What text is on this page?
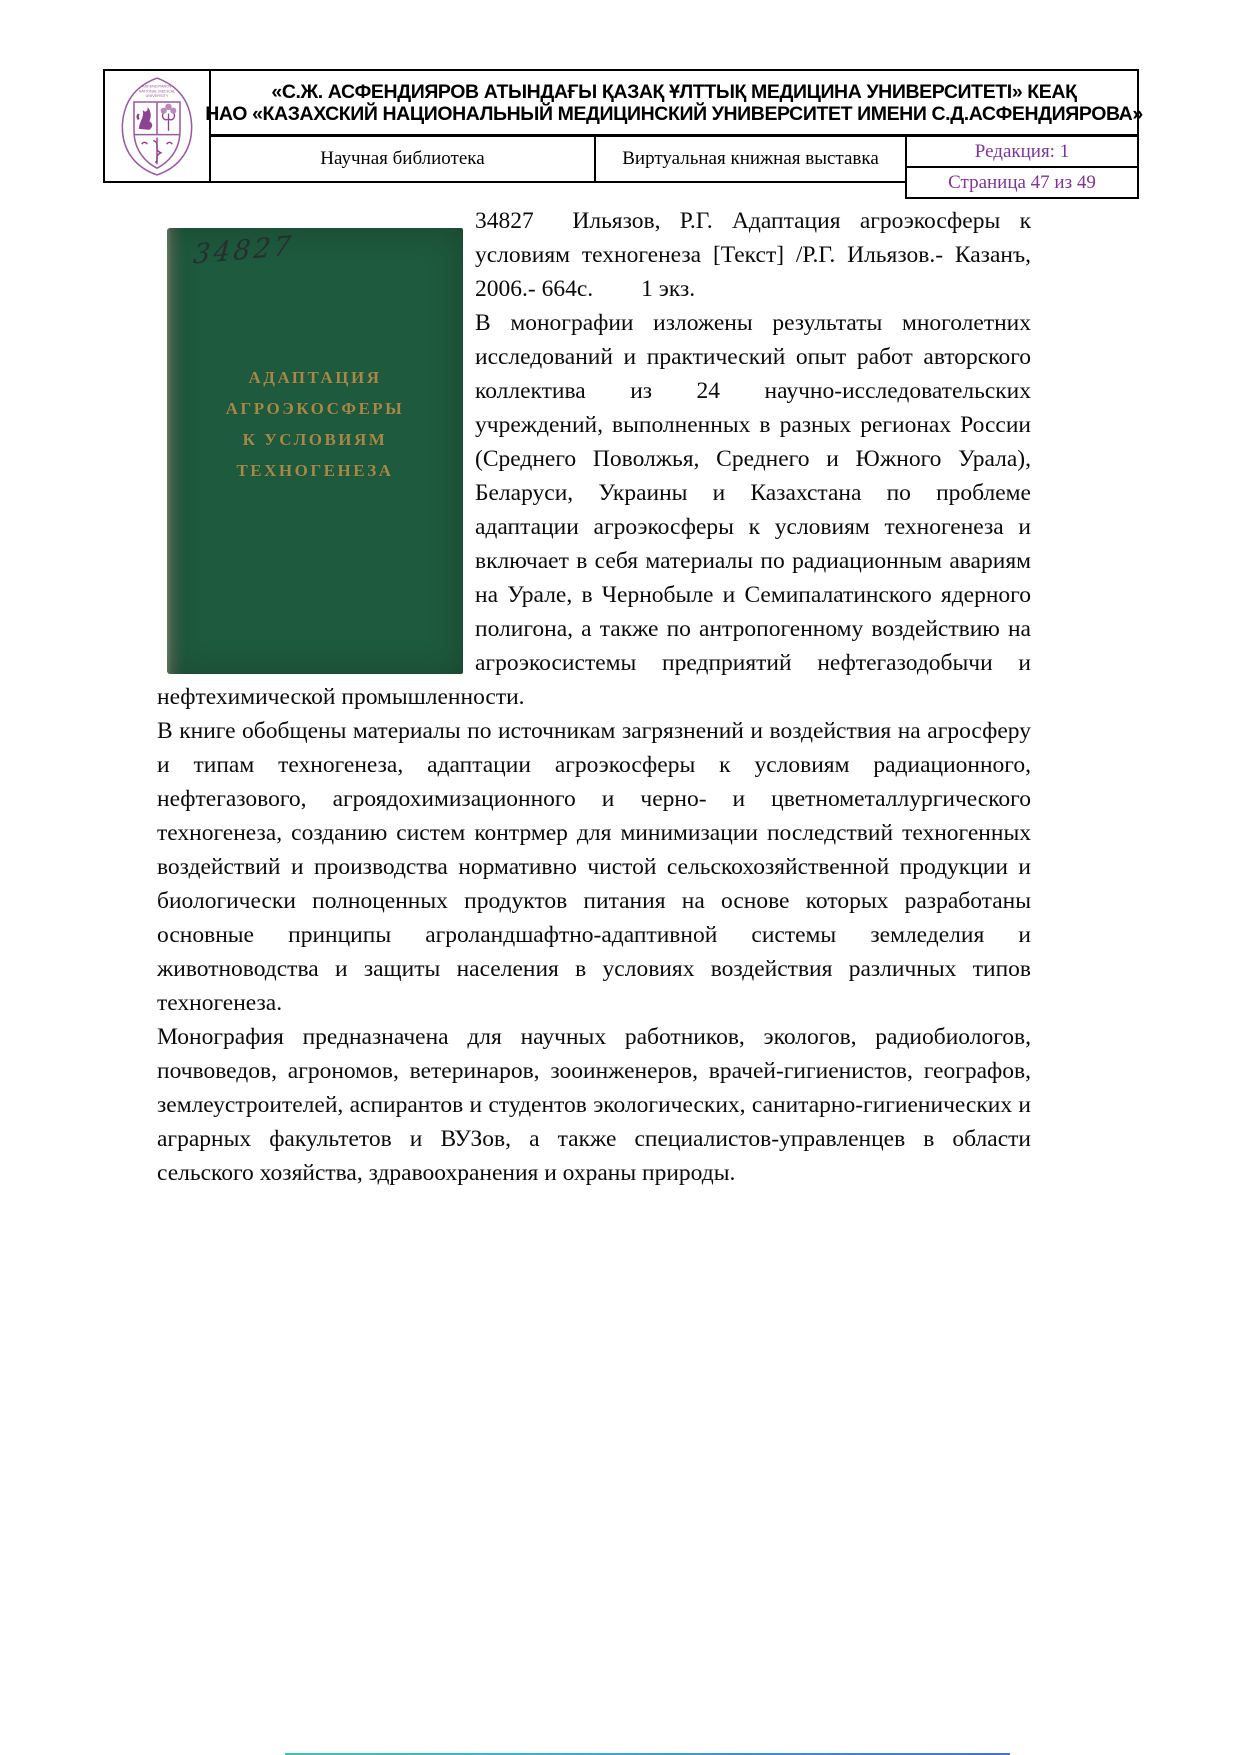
ASFENDIYAROV
NATIONAL MEDICAL
UNIVERSITY	«С.Ж. АСФЕНДИЯРОВ АТЫНДАҒЫ ҚАЗАҚ ҰЛТТЫҚ МЕДИЦИНА УНИВЕРСИТЕТІ» КЕАҚ
НАО «КАЗАХСКИЙ НАЦИОНАЛЬНЫЙ МЕДИЦИНСКИЙ УНИВЕРСИТЕТ ИМЕНИ С.Д.АСФЕНДИЯРОВА»
Научная библиотека	Виртуальная книжная выставка	Редакция: 1
Страница 47 из 49
34827
АДАПТАЦИЯ
АГРОЭКОСФЕРЫ
К УСЛОВИЯМ ТЕХНОГЕНЕЗА

34827  Ильязов, Р.Г. Адаптация агроэкосферы к условиям техногенеза [Текст] /Р.Г. Ильязов.- Казанъ, 2006.- 664с. 1 экз.

В монографии изложены результаты многолетних исследований и практический опыт работ авторского коллектива из 24 научно-исследовательских учреждений, выполненных в разных регионах России (Среднего Поволжья, Среднего и Южного Урала), Беларуси, Украины и Казахстана по проблеме адаптации агроэкосферы к условиям техногенеза и включает в себя материалы по радиационным авариям на Урале, в Чернобыле и Семипалатинского ядерного полигона, а также по антропогенному воздействию на агроэкосистемы предприятий нефтегазодобычи и нефтехимической промышленности.

В книге обобщены материалы по источникам загрязнений и воздействия на агросферу и типам техногенеза, адаптации агроэкосферы к условиям радиационного, нефтегазового, агроядохимизационного и черно- и цветнометаллургического техногенеза, созданию систем контрмер для минимизации последствий техногенных воздействий и производства нормативно чистой сельскохозяйственной продукции и биологически полноценных продуктов питания на основе которых разработаны основные принципы агроландшафтно-адаптивной системы земледелия и животноводства и защиты населения в условиях воздействия различных типов техногенеза.

Монография предназначена для научных работников, экологов, радиобиологов, почвоведов, агрономов, ветеринаров, зооинженеров, врачей-гигиенистов, географов, землеустроителей, аспирантов и студентов экологических, санитарно-гигиенических и аграрных факультетов и ВУЗов, а также специалистов-управленцев в области сельского хозяйства, здравоохранения и охраны природы.
